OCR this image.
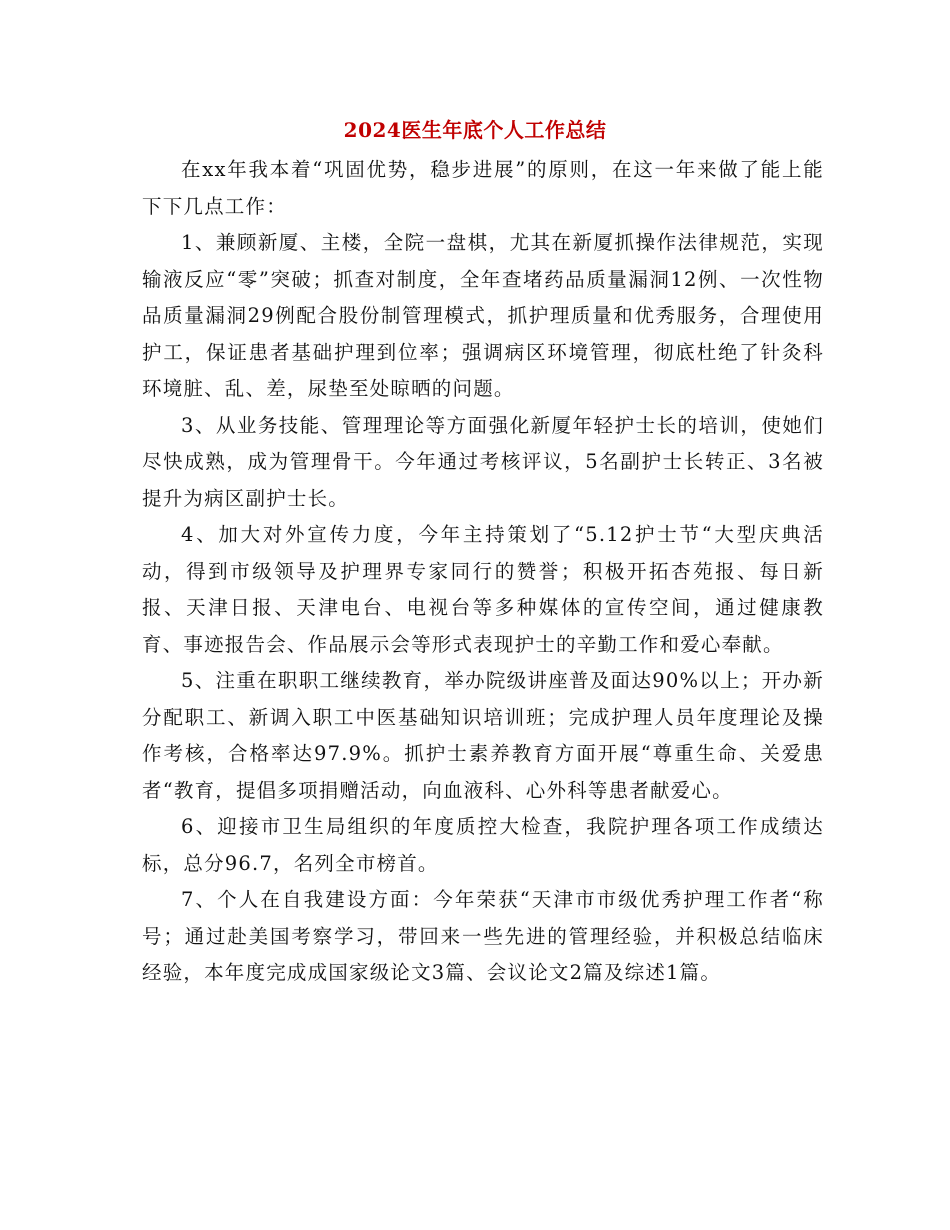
2024医生年底个人工作总结

在xx年我本着“巩固优势，稳步进展”的原则，在这一年来做了能上能下下几点工作：

1、兼顾新厦、主楼，全院一盘棋，尤其在新厦抓操作法律规范，实现输液反应“零”突破；抓查对制度，全年查堵药品质量漏洞12例、一次性物品质量漏洞29例配合股份制管理模式，抓护理质量和优秀服务，合理使用护工，保证患者基础护理到位率；强调病区环境管理，彻底杜绝了针灸科环境脏、乱、差，尿垫至处晾晒的问题。

3、从业务技能、管理理论等方面强化新厦年轻护士长的培训，使她们尽快成熟，成为管理骨干。今年通过考核评议，5名副护士长转正、3名被提升为病区副护士长。

4、加大对外宣传力度，今年主持策划了“5.12护士节“大型庆典活动，得到市级领导及护理界专家同行的赞誉；积极开拓杏苑报、每日新报、天津日报、天津电台、电视台等多种媒体的宣传空间，通过健康教育、事迹报告会、作品展示会等形式表现护士的辛勤工作和爱心奉献。

5、注重在职职工继续教育，举办院级讲座普及面达90%以上；开办新分配职工、新调入职工中医基础知识培训班；完成护理人员年度理论及操作考核，合格率达97.9%。抓护士素养教育方面开展“尊重生命、关爱患者“教育，提倡多项捐赠活动，向血液科、心外科等患者献爱心。

6、迎接市卫生局组织的年度质控大检查，我院护理各项工作成绩达标，总分96.7，名列全市榜首。

7、个人在自我建设方面：今年荣获“天津市市级优秀护理工作者“称号；通过赴美国考察学习，带回来一些先进的管理经验，并积极总结临床经验，本年度完成成国家级论文3篇、会议论文2篇及综述1篇。
